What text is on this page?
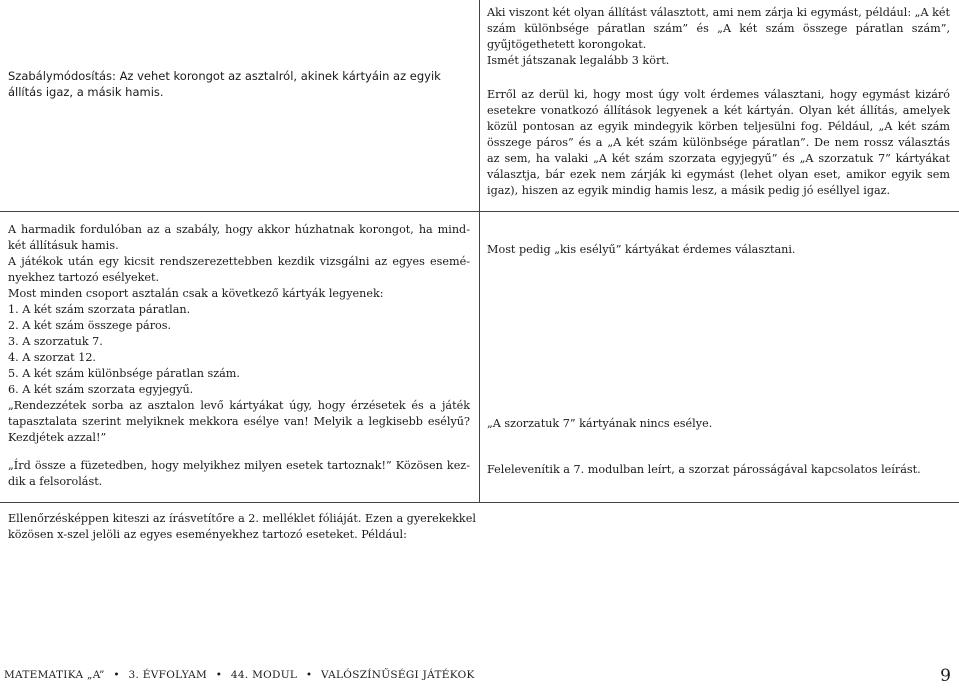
Szabálymódosítás: Az vehet korongot az asztalról, akinek kártyáin az egyik állítás igaz, a másik hamis.

Aki viszont két olyan állítást választott, ami nem zárja ki egymást, például: „A két szám különbsége páratlan szám” és „A két szám összege páratlan szám”, gyűjtögethetett korongokat.

Ismét játszanak legalább 3 kört.

Erről az derül ki, hogy most úgy volt érdemes választani, hogy egymást kizáró esetekre vonatkozó állítások legyenek a két kártyán. Olyan két állítás, amelyek közül pontosan az egyik mindegyik körben teljesülni fog. Például, „A két szám összege páros” és a „A két szám különbsége páratlan”. De nem rossz választás az sem, ha valaki „A két szám szorzata egyjegyű” és „A szorzatuk 7” kártyákat választja, bár ezek nem zárják ki egymást (lehet olyan eset, amikor egyik sem igaz), hiszen az egyik mindig hamis lesz, a másik pedig jó eséllyel igaz.

A harmadik fordulóban az a szabály, hogy akkor húzhatnak korongot, ha mind-két állításuk hamis.

A játékok után egy kicsit rendszerezettebben kezdik vizsgálni az egyes esemé-nyekhez tartozó esélyeket.

Most minden csoport asztalán csak a következő kártyák legyenek:

1. A két szám szorzata páratlan.
2. A két szám összege páros.
3. A szorzatuk 7.
4. A szorzat 12.
5. A két szám különbsége páratlan szám.
6. A két szám szorzata egyjegyű.

„Rendezzétek sorba az asztalon levő kártyákat úgy, hogy érzésetek és a játék tapasztalata szerint melyiknek mekkora esélye van! Melyik a legkisebb esélyű? Kezdjétek azzal!”

„Írd össze a füzetedben, hogy melyikhez milyen esetek tartoznak!” Közösen kez-dik a felsorolást.

Most pedig „kis esélyű” kártyákat érdemes választani.

„A szorzatuk 7” kártyának nincs esélye.

Felelevenítik a 7. modulban leírt, a szorzat párosságával kapcsolatos leírást.

Ellenőrzésképpen kiteszi az írásvetítőre a 2. melléklet fóliáját. Ezen a gyerekekkel közösen x-szel jelöli az egyes eseményekhez tartozó eseteket. Például:

MATEMATIKA „A” • 3. ÉVFOLYAM • 44. MODUL • VALÓSZÍNŰSÉGI JÁTÉKOK	9
